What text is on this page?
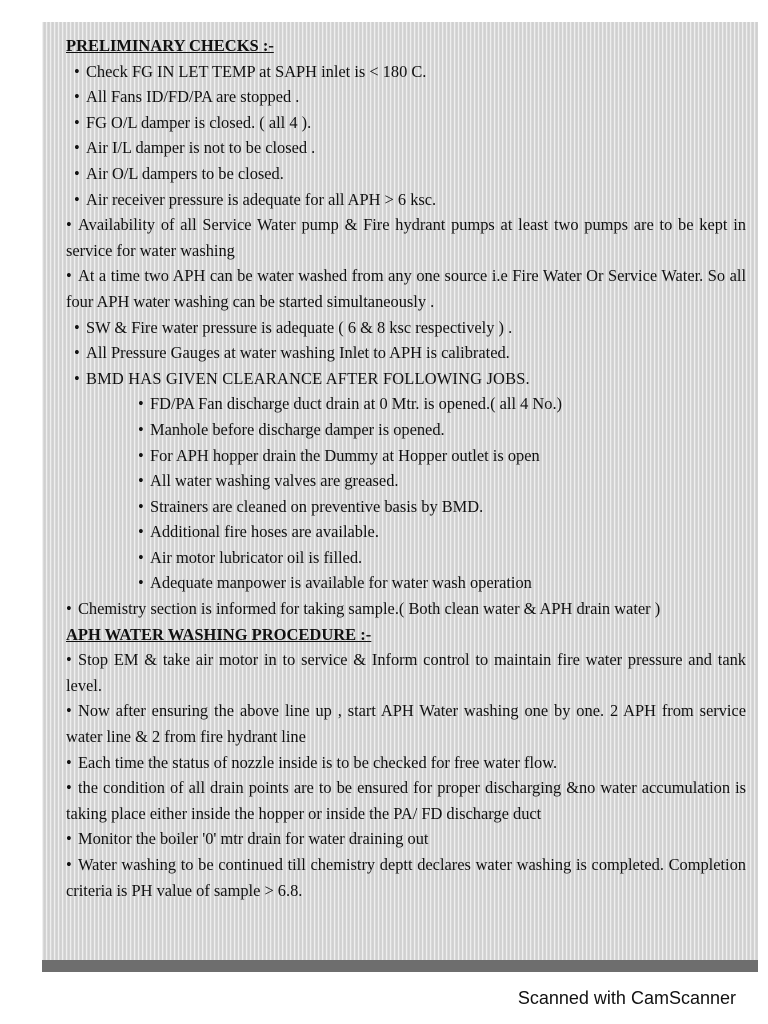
PRELIMINARY CHECKS :-

• Check FG IN LET TEMP at SAPH inlet is < 180 C.

• All Fans ID/FD/PA are stopped .

• FG O/L damper is closed. ( all 4 ).

• Air I/L damper is not to be closed .

• Air O/L dampers to be closed.

• Air receiver pressure is adequate for all APH > 6 ksc.

• Availability of all Service Water pump & Fire hydrant pumps at least two pumps are to be kept in service for water washing

• At a time two APH can be water washed from any one source i.e Fire Water Or Service Water. So all four APH water washing can be started simultaneously .

• SW & Fire water pressure is adequate ( 6 & 8 ksc respectively ) .

• All Pressure Gauges at water washing Inlet to APH is calibrated.

• BMD HAS GIVEN CLEARANCE AFTER FOLLOWING JOBS.

• FD/PA Fan discharge duct drain at 0 Mtr. is opened.( all 4 No.)

• Manhole before discharge damper is opened.

• For APH hopper drain the Dummy at Hopper outlet is open

• All water washing valves are greased.

• Strainers are cleaned on preventive basis by BMD.

• Additional fire hoses are available.

• Air motor lubricator oil is filled.

• Adequate manpower is available for water wash operation

• Chemistry section is informed for taking sample.( Both clean water & APH drain water )

APH WATER WASHING PROCEDURE :-

• Stop EM & take air motor in to service & Inform control to maintain fire water pressure and tank level.

• Now after ensuring the above line up , start APH Water washing one by one. 2 APH from service water line & 2 from fire hydrant line

• Each time the status of nozzle inside is to be checked for free water flow.

• the condition of all drain points are to be ensured for proper discharging &no water accumulation is taking place either inside the hopper or inside the PA/ FD discharge duct

• Monitor the boiler '0' mtr drain for water draining out

• Water washing to be continued till chemistry deptt declares water washing is completed. Completion criteria is PH value of sample > 6.8.

Scanned with CamScanner
